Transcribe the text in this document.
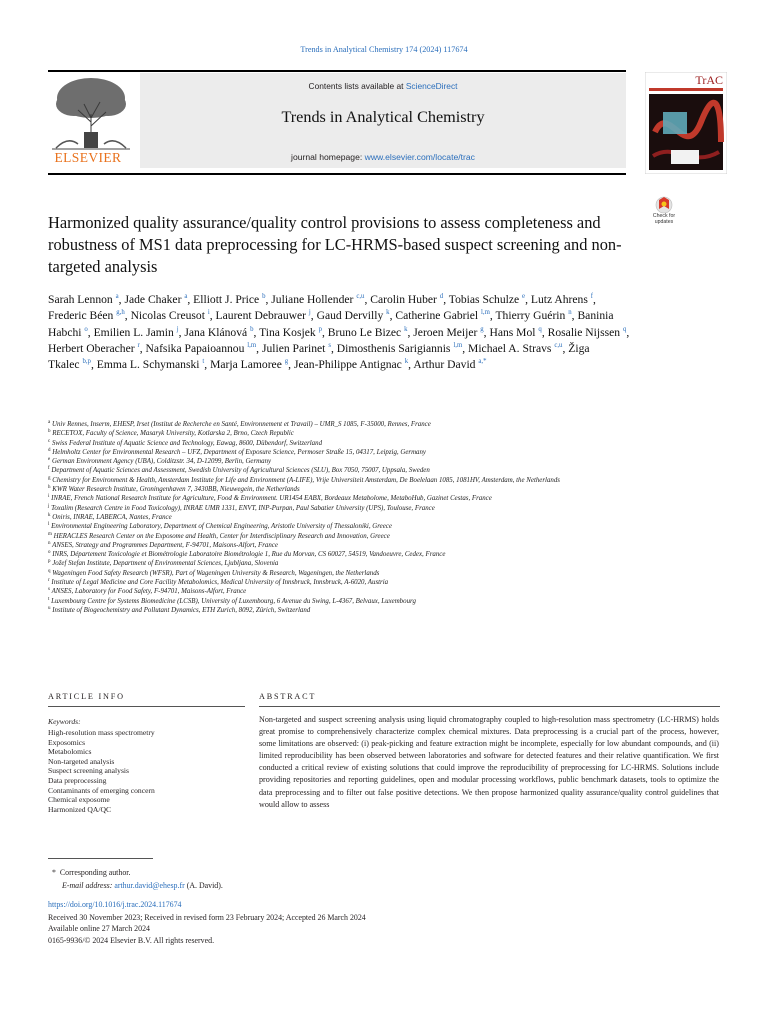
Trends in Analytical Chemistry 174 (2024) 117674
ELSEVIER
Contents lists available at ScienceDirect
Trends in Analytical Chemistry
journal homepage: www.elsevier.com/locate/trac
TrAC
Check for updates
Harmonized quality assurance/quality control provisions to assess completeness and robustness of MS1 data preprocessing for LC-HRMS-based suspect screening and non-targeted analysis
Sarah Lennon $^a$, Jade Chaker $^a$, Elliott J. Price $^b$, Juliane Hollender $^{c,u}$, Carolin Huber $^d$, Tobias Schulze $^e$, Lutz Ahrens $^f$, Frederic Béen $^{g,h}$, Nicolas Creusot $^i$, Laurent Debrauwer $^j$, Gaud Dervilly $^k$, Catherine Gabriel $^{l,m}$, Thierry Guérin $^n$, Baninia Habchi $^o$, Emilien L. Jamin $^j$, Jana Klánová $^b$, Tina Kosjek $^p$, Bruno Le Bizec $^k$, Jeroen Meijer $^g$, Hans Mol $^q$, Rosalie Nijssen $^q$, Herbert Oberacher $^r$, Nafsika Papaioannou $^{l,m}$, Julien Parinet $^s$, Dimosthenis Sarigiannis $^{l,m}$, Michael A. Stravs $^{c,u}$, Žiga Tkalec $^{b,p}$, Emma L. Schymanski $^t$, Marja Lamoree $^g$, Jean-Philippe Antignac $^k$, Arthur David $^{a,*}$
$^a$ Univ Rennes, Inserm, EHESP, Irset (Institut de Recherche en Santé, Environnement et Travail) – UMR_S 1085, F-35000, Rennes, France
$^b$ RECETOX, Faculty of Science, Masaryk University, Kotlarska 2, Brno, Czech Republic
$^c$ Swiss Federal Institute of Aquatic Science and Technology, Eawag, 8600, Dübendorf, Switzerland
$^d$ Helmholtz Center for Environmental Research – UFZ, Department of Exposure Science, Permoser Straße 15, 04317, Leipzig, Germany
$^e$ German Environment Agency (UBA), Colditzstr. 34, D-12099, Berlin, Germany
$^f$ Department of Aquatic Sciences and Assessment, Swedish University of Agricultural Sciences (SLU), Box 7050, 75007, Uppsala, Sweden
$^g$ Chemistry for Environment & Health, Amsterdam Institute for Life and Environment (A-LIFE), Vrije Universiteit Amsterdam, De Boelelaan 1085, 1081HV, Amsterdam, the Netherlands
$^h$ KWR Water Research Institute, Groningenhaven 7, 3430BB, Nieuwegein, the Netherlands
$^i$ INRAE, French National Research Institute for Agriculture, Food & Environment. UR1454 EABX, Bordeaux Metabolome, MetaboHub, Gazinet Cestas, France
$^j$ Toxalim (Research Centre in Food Toxicology), INRAE UMR 1331, ENVT, INP-Purpan, Paul Sabatier University (UPS), Toulouse, France
$^k$ Oniris, INRAE, LABERCA, Nantes, France
$^l$ Environmental Engineering Laboratory, Department of Chemical Engineering, Aristotle University of Thessaloniki, Greece
$^m$ HERACLES Research Center on the Exposome and Health, Center for Interdisciplinary Research and Innovation, Greece
$^n$ ANSES, Strategy and Programmes Department, F-94701, Maisons-Alfort, France
$^o$ INRS, Département Toxicologie et Biométrologie Laboratoire Biométrologie 1, Rue du Morvan, CS 60027, 54519, Vandoeuvre, Cedex, France
$^p$ Jožef Stefan Institute, Department of Environmental Sciences, Ljubljana, Slovenia
$^q$ Wageningen Food Safety Research (WFSR), Part of Wageningen University & Research, Wageningen, the Netherlands
$^r$ Institute of Legal Medicine and Core Facility Metabolomics, Medical University of Innsbruck, Innsbruck, A-6020, Austria
$^s$ ANSES, Laboratory for Food Safety, F-94701, Maisons-Alfort, France
$^t$ Luxembourg Centre for Systems Biomedicine (LCSB), University of Luxembourg, 6 Avenue du Swing, L-4367, Belvaux, Luxembourg
$^u$ Institute of Biogeochemistry and Pollutant Dynamics, ETH Zurich, 8092, Zürich, Switzerland
ARTICLE INFO	ABSTRACT
Keywords:
High-resolution mass spectrometry
Exposomics
Metabolomics
Non-targeted analysis
Suspect screening analysis
Data preprocessing
Contaminants of emerging concern
Chemical exposome
Harmonized QA/QC

Non-targeted and suspect screening analysis using liquid chromatography coupled to high-resolution mass spectrometry (LC-HRMS) holds great promise to comprehensively characterize complex chemical mixtures. Data preprocessing is a crucial part of the process, however, some limitations are observed: (i) peak-picking and feature extraction might be incomplete, especially for low abundant compounds, and (ii) limited reproducibility has been observed between laboratories and software for detected features and their relative quantification. We first conducted a critical review of existing solutions that could improve the reproducibility of preprocessing for LC-HRMS. Solutions include providing repositories and reporting guidelines, open and modular processing workflows, public benchmark datasets, tools to optimize the data preprocessing and to filter out false positive detections. We then propose harmonized quality assurance/quality control guidelines that would allow to assess

* Corresponding author.
E-mail address: arthur.david@ehesp.fr (A. David).
https://doi.org/10.1016/j.trac.2024.117674
Received 30 November 2023; Received in revised form 23 February 2024; Accepted 26 March 2024
Available online 27 March 2024
0165-9936/© 2024 Elsevier B.V. All rights reserved.
